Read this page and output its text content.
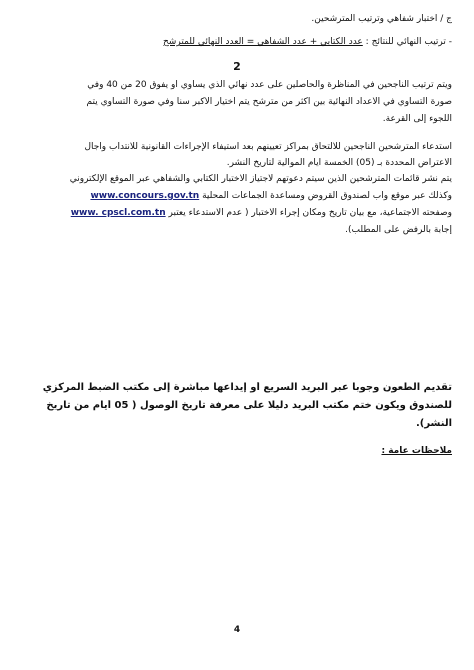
ج / اختبار شفاهي وترتيب المترشحين.
- ترتيب النهائي للنتائج : عدد الكتابي + عدد الشفاهي = العدد النهائي للمترشح
2
ويتم ترتيب الناجحين في المناظرة والحاصلين على عدد نهائي الذي يساوي أو يفوق 20 من 40 وفي
صورة التساوي في الأعداد النهائية بين أكثر من مترشح يتم اختيار الأكبر سنا وفي صورة التساوي يتم
اللجوء إلى القرعة.
استدعاء المترشحين الناجحين للالتحاق بمراكز تعيينهم بعد استيفاء الإجراءات القانونية للانتداب وآجال
الاعتراض المحددة بـ (05) الخمسة أيام الموالية لتاريخ النشر.
يتم نشر قائمات المترشحين الذين سيتم دعوتهم لاجتياز الاختبار الكتابي والشفاهي عبر الموقع الإلكتروني
وكذلك عبر موقع واب لصندوق القروض ومساعدة الجماعات المحلية www.concours.gov.tn
وصفحته الاجتماعية، مع بيان تاريخ ومكان إجراء الاختبار ( عدم الاستدعاء يعتبر www. cpscl.com.tn
إجابة بالرفض على المطلب).
تقديم الطعون وجوبا عبر البريد السريع أو إيداعها مباشرة إلى مكتب الضبط المركزي
للصندوق ويكون ختم مكتب البريد دليلا على معرفة تاريخ الوصول ( 05 أيام من تاريخ
النشر).
ملاحظات عامة :
4
